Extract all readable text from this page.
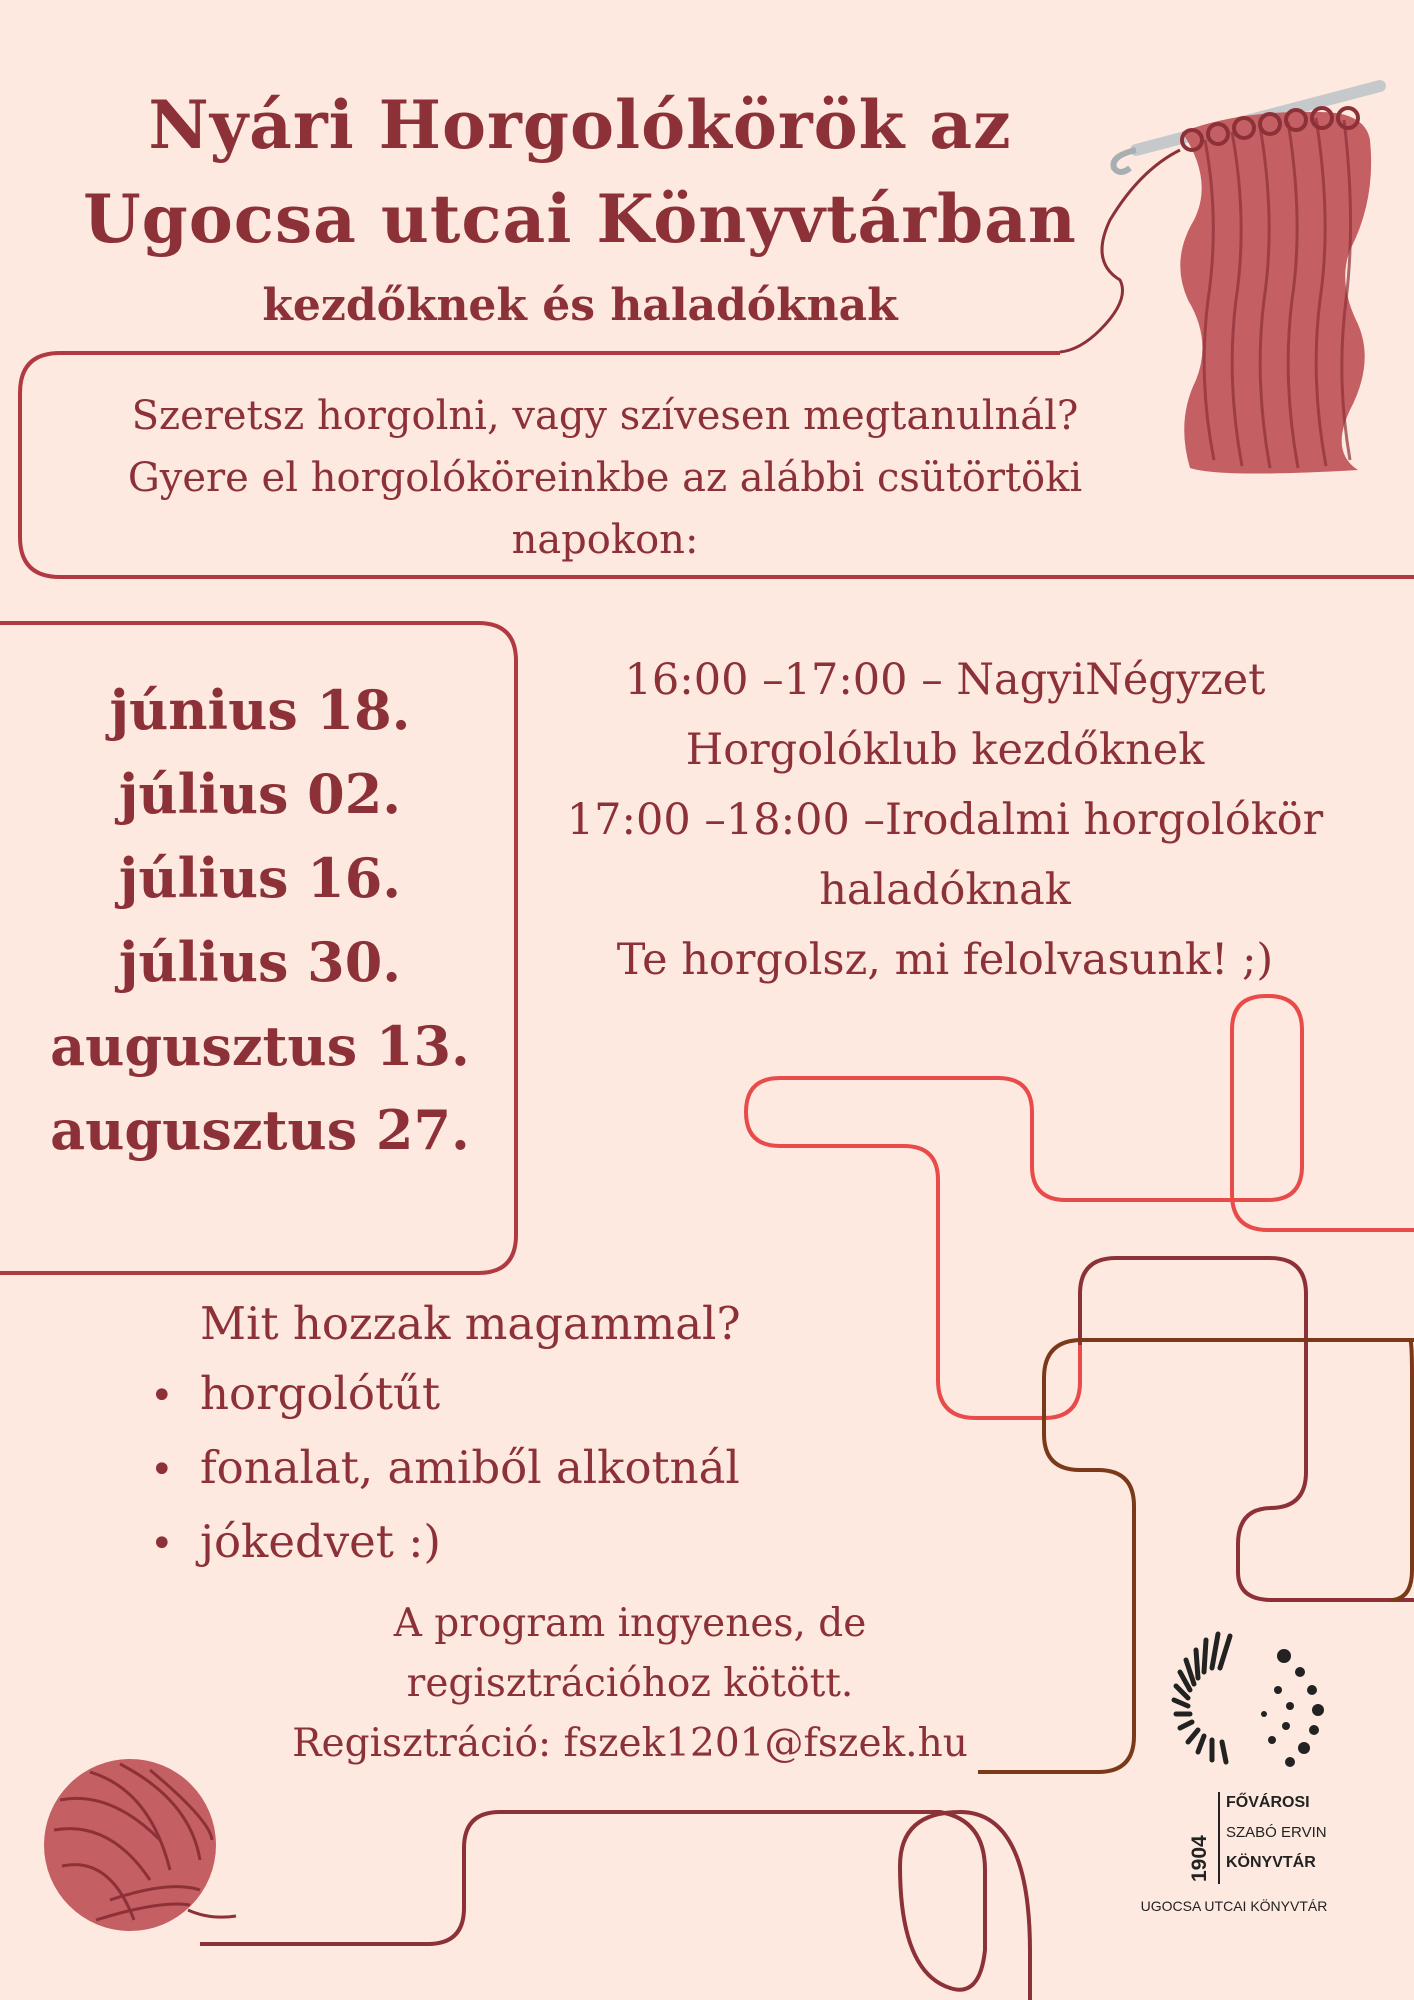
Nyári Horgolókörök az
Ugocsa utcai Könyvtárban
kezdőknek és haladóknak
Szeretsz horgolni, vagy szívesen megtanulnál?
Gyere el horgolóköreinkbe az alábbi csütörtöki
napokon:
június 18.
július 02.
július 16.
július 30.
augusztus 13.
augusztus 27.
16:00 –17:00 – NagyiNégyzet
Horgolóklub kezdőknek
17:00 –18:00 –Irodalmi horgolókör
haladóknak
Te horgolsz, mi felolvasunk! ;)
Mit hozzak magammal?
• horgolótűt
• fonalat, amiből alkotnál
• jókedvet :)
A program ingyenes, de
regisztrációhoz kötött.
Regisztráció: fszek1201@fszek.hu
1904
FŐVÁROSI
SZABÓ ERVIN
KÖNYVTÁR
UGOCSA UTCAI KÖNYVTÁR
